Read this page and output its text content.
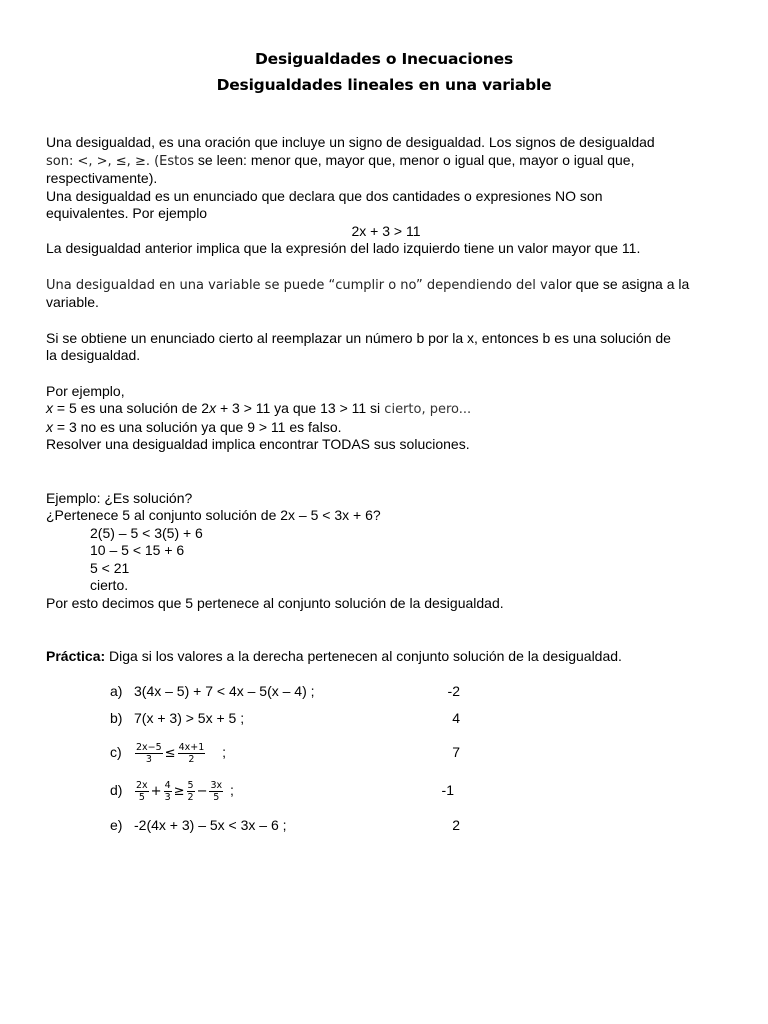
Desigualdades o Inecuaciones
Desigualdades lineales en una variable

Una desigualdad, es una oración que incluye un signo de desigualdad. Los signos de desigualdad

son: <, >, ≤, ≥. (Estos se leen: menor que, mayor que, menor o igual que, mayor o igual que,

respectivamente).

Una desigualdad es un enunciado que declara que dos cantidades o expresiones NO son

equivalentes. Por ejemplo

2x + 3 > 11

La desigualdad anterior implica que la expresión del lado izquierdo tiene un valor mayor que 11.

Una desigualdad en una variable se puede “cumplir o no” dependiendo del valor que se asigna a la

variable.

Si se obtiene un enunciado cierto al reemplazar un número b por la x, entonces b es una solución de

la desigualdad.

Por ejemplo,

x = 5 es una solución de 2x + 3 > 11 ya que 13 > 11 si cierto, pero...

x = 3 no es una solución ya que 9 > 11 es falso.

Resolver una desigualdad implica encontrar TODAS sus soluciones.

Ejemplo: ¿Es solución?

¿Pertenece 5 al conjunto solución de 2x – 5 < 3x + 6?

2(5) – 5 < 3(5) + 6

10 – 5 < 15 + 6

5 < 21

cierto.

Por esto decimos que 5 pertenece al conjunto solución de la desigualdad.

Práctica: Diga si los valores a la derecha pertenecen al conjunto solución de la desigualdad.

a) 3(4x – 5) + 7 < 4x – 5(x – 4) ;	-2
b) 7(x + 3) > 5x + 5 ;	4
$c) \frac{2x-5}{3} \le \frac{4x+1}{2}$ ;	7
$d) \frac{2x}{5} + \frac{4}{3} \ge \frac{5}{2} - \frac{3x}{5}$ ;	-1
e) -2(4x + 3) – 5x < 3x – 6 ;	2
